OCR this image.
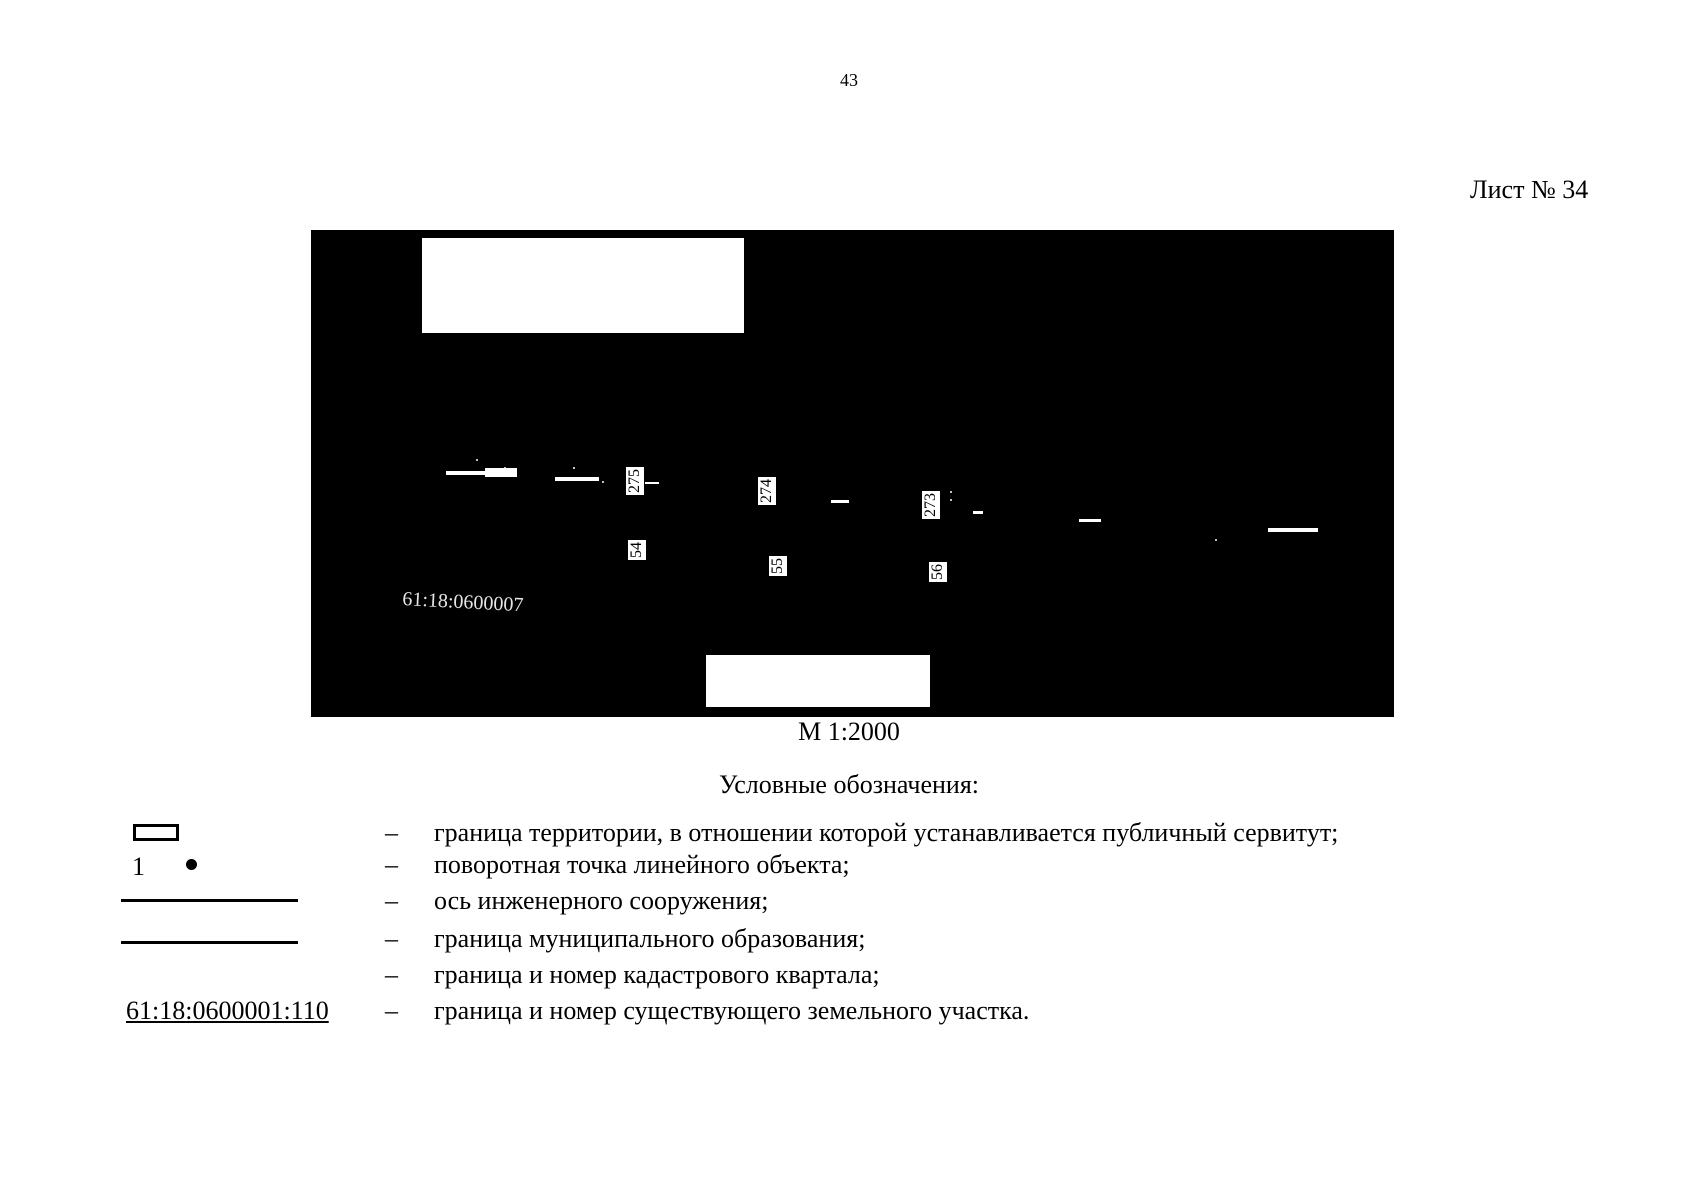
43
Лист № 34
275	274
273
54
55	56
61:18:0600007
М 1:2000
Условные обозначения:
– граница территории, в отношении которой устанавливается публичный сервитут;
1	– поворотная точка линейного объекта;
– ось инженерного сооружения;
– граница муниципального образования;
– граница и номер кадастрового квартала;
61:18:0600001:110 – граница и номер существующего земельного участка.
